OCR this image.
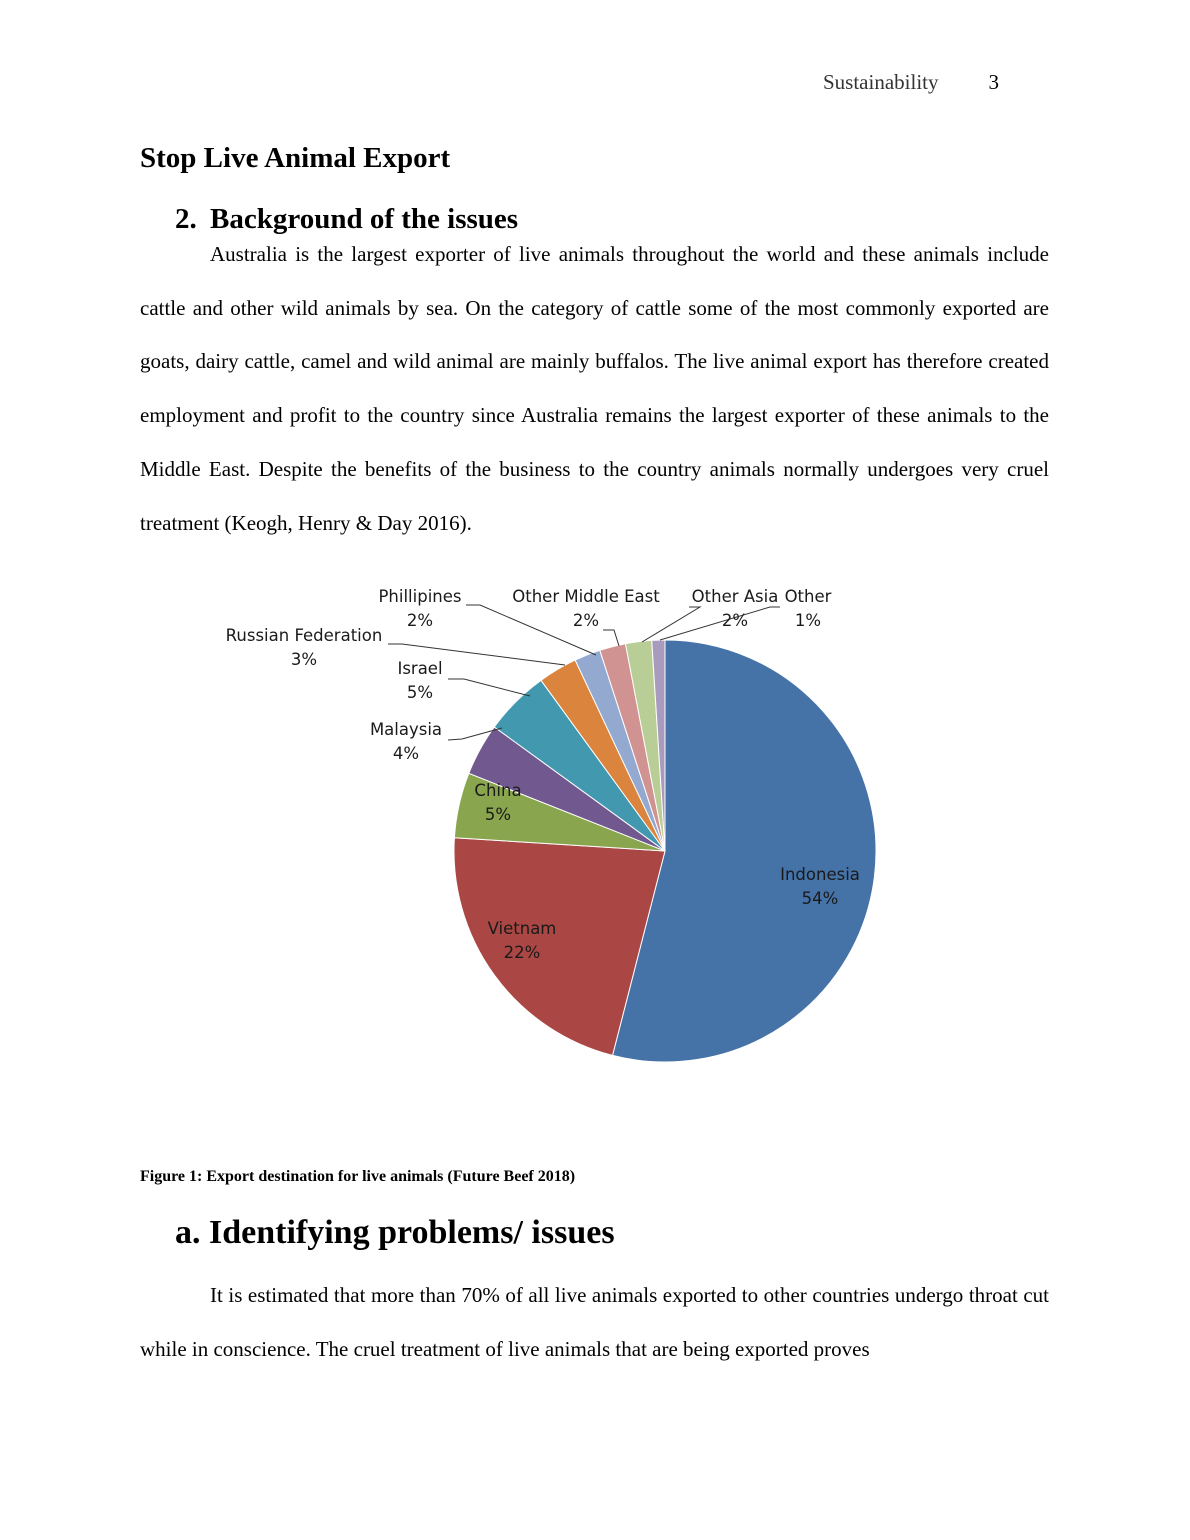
Sustainability 3
Stop Live Animal Export
2. Background of the issues

Australia is the largest exporter of live animals throughout the world and these animals include cattle and other wild animals by sea. On the category of cattle some of the most commonly exported are goats, dairy cattle, camel and wild animal are mainly buffalos. The live animal export has therefore created employment and profit to the country since Australia remains the largest exporter of these animals to the Middle East. Despite the benefits of the business to the country animals normally undergoes very cruel treatment (Keogh, Henry & Day 2016).

Indonesia
54%
Vietnam
22%
China
5%
Malaysia
4%
Israel
5%
Russian Federation
3%
Phillipines
2%
Other Middle East
2%
Other Asia
2%
Other
1%

Figure 1: Export destination for live animals (Future Beef 2018)

a. Identifying problems/ issues

It is estimated that more than 70% of all live animals exported to other countries undergo throat cut while in conscience. The cruel treatment of live animals that are being exported proves
